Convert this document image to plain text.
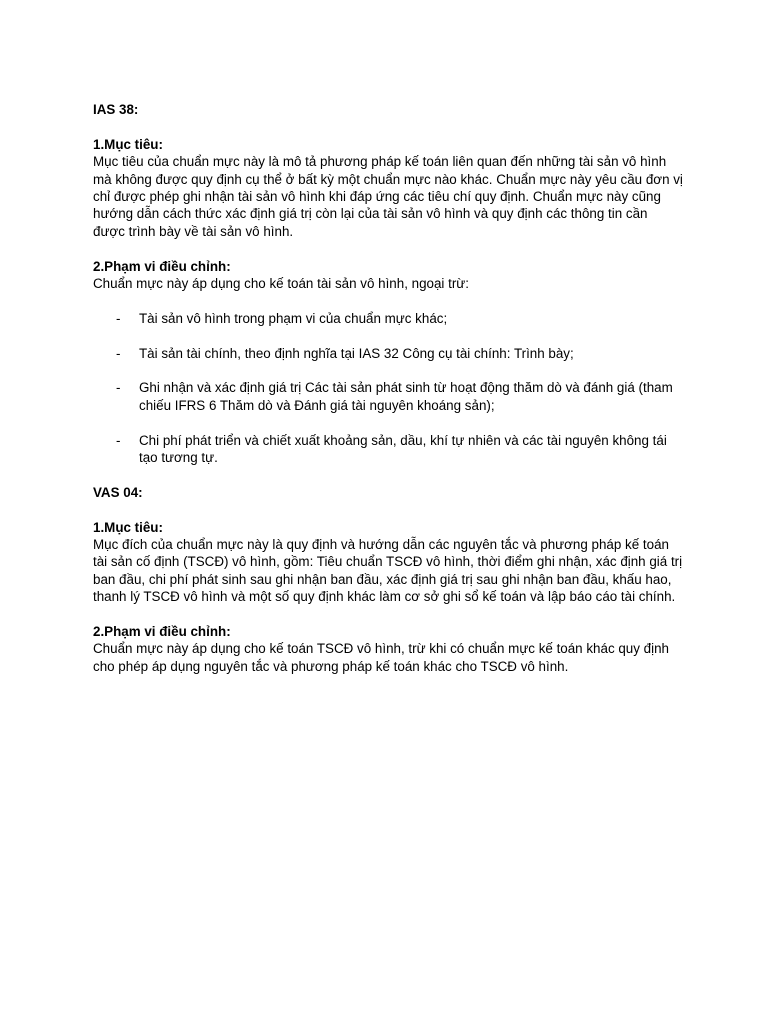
IAS 38:

1.Mục tiêu:

Mục tiêu của chuẩn mực này là mô tả phương pháp kế toán liên quan đến những tài sản vô hình mà không được quy định cụ thể ở bất kỳ một chuẩn mực nào khác. Chuẩn mực này yêu cầu đơn vị chỉ được phép ghi nhận tài sản vô hình khi đáp ứng các tiêu chí quy định. Chuẩn mực này cũng hướng dẫn cách thức xác định giá trị còn lại của tài sản vô hình và quy định các thông tin cần được trình bày về tài sản vô hình.

2.Phạm vi điều chỉnh:

Chuẩn mực này áp dụng cho kế toán tài sản vô hình, ngoại trừ:

- Tài sản vô hình trong phạm vi của chuẩn mực khác;
- Tài sản tài chính, theo định nghĩa tại IAS 32 Công cụ tài chính: Trình bày;
- Ghi nhận và xác định giá trị Các tài sản phát sinh từ hoạt động thăm dò và đánh giá (tham chiếu IFRS 6 Thăm dò và Đánh giá tài nguyên khoáng sản);
- Chi phí phát triển và chiết xuất khoảng sản, dầu, khí tự nhiên và các tài nguyên không tái tạo tương tự.

VAS 04:

1.Mục tiêu:

Mục đích của chuẩn mực này là quy định và hướng dẫn các nguyên tắc và phương pháp kế toán tài sản cố định (TSCĐ) vô hình, gồm: Tiêu chuẩn TSCĐ vô hình, thời điểm ghi nhận, xác định giá trị ban đầu, chi phí phát sinh sau ghi nhận ban đầu, xác định giá trị sau ghi nhận ban đầu, khấu hao, thanh lý TSCĐ vô hình và một số quy định khác làm cơ sở ghi sổ kế toán và lập báo cáo tài chính.

2.Phạm vi điều chỉnh:

Chuẩn mực này áp dụng cho kế toán TSCĐ vô hình, trừ khi có chuẩn mực kế toán khác quy định cho phép áp dụng nguyên tắc và phương pháp kế toán khác cho TSCĐ vô hình.
